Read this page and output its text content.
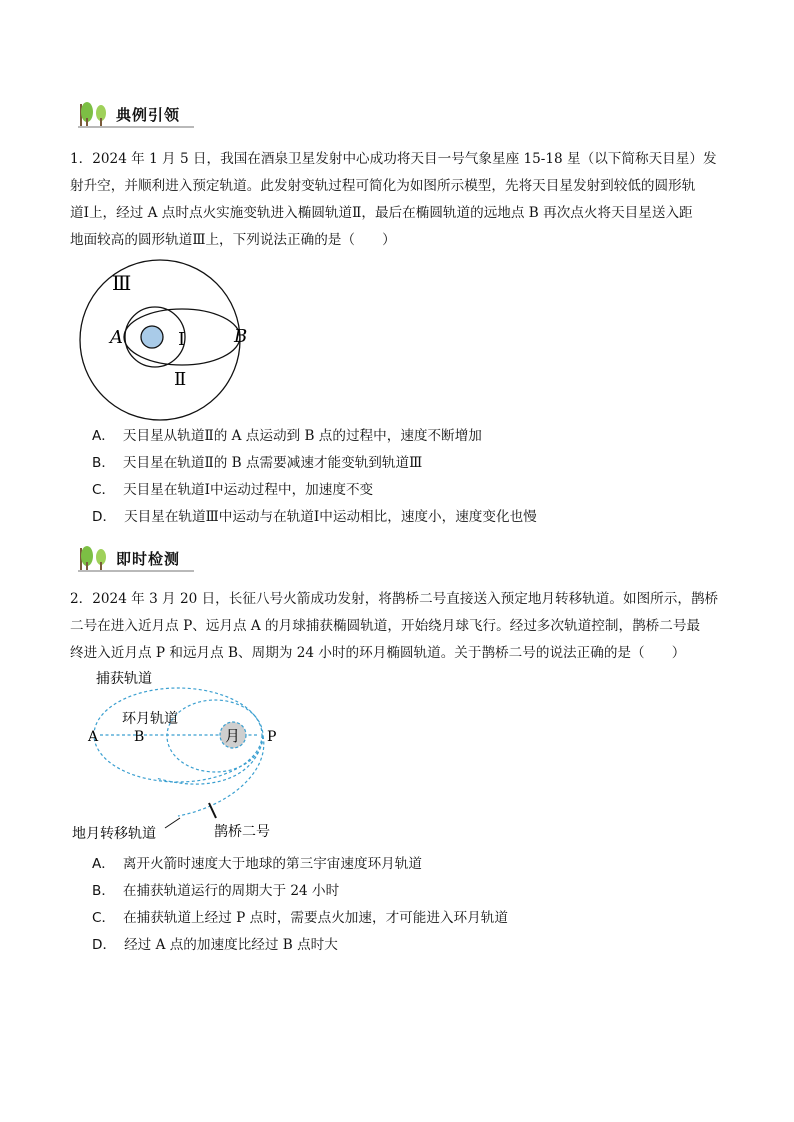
典例引领
1．2024 年 1 月 5 日，我国在酒泉卫星发射中心成功将天目一号气象星座 15-18 星（以下简称天目星）发
射升空，并顺利进入预定轨道。此发射变轨过程可简化为如图所示模型，先将天目星发射到较低的圆形轨
道Ⅰ上，经过 A 点时点火实施变轨进入椭圆轨道Ⅱ，最后在椭圆轨道的远地点 B 再次点火将天目星送入距
地面较高的圆形轨道Ⅲ上，下列说法正确的是（　　）
Ⅲ
A	Ⅰ	B
Ⅱ
A． 天目星从轨道Ⅱ的 A 点运动到 B 点的过程中，速度不断增加
B． 天目星在轨道Ⅱ的 B 点需要减速才能变轨到轨道Ⅲ
C． 天目星在轨道Ⅰ中运动过程中，加速度不变
D． 天目星在轨道Ⅲ中运动与在轨道Ⅰ中运动相比，速度小，速度变化也慢
即时检测
2．2024 年 3 月 20 日，长征八号火箭成功发射，将鹊桥二号直接送入预定地月转移轨道。如图所示，鹊桥
二号在进入近月点 P、远月点 A 的月球捕获椭圆轨道，开始绕月球飞行。经过多次轨道控制，鹊桥二号最
终进入近月点 P 和远月点 B、周期为 24 小时的环月椭圆轨道。关于鹊桥二号的说法正确的是（　　）
月
捕获轨道
环月轨道
A	B	P
地月转移轨道	鹊桥二号
A． 离开火箭时速度大于地球的第三宇宙速度环月轨道
B． 在捕获轨道运行的周期大于 24 小时
C． 在捕获轨道上经过 P 点时，需要点火加速，才可能进入环月轨道
D． 经过 A 点的加速度比经过 B 点时大
